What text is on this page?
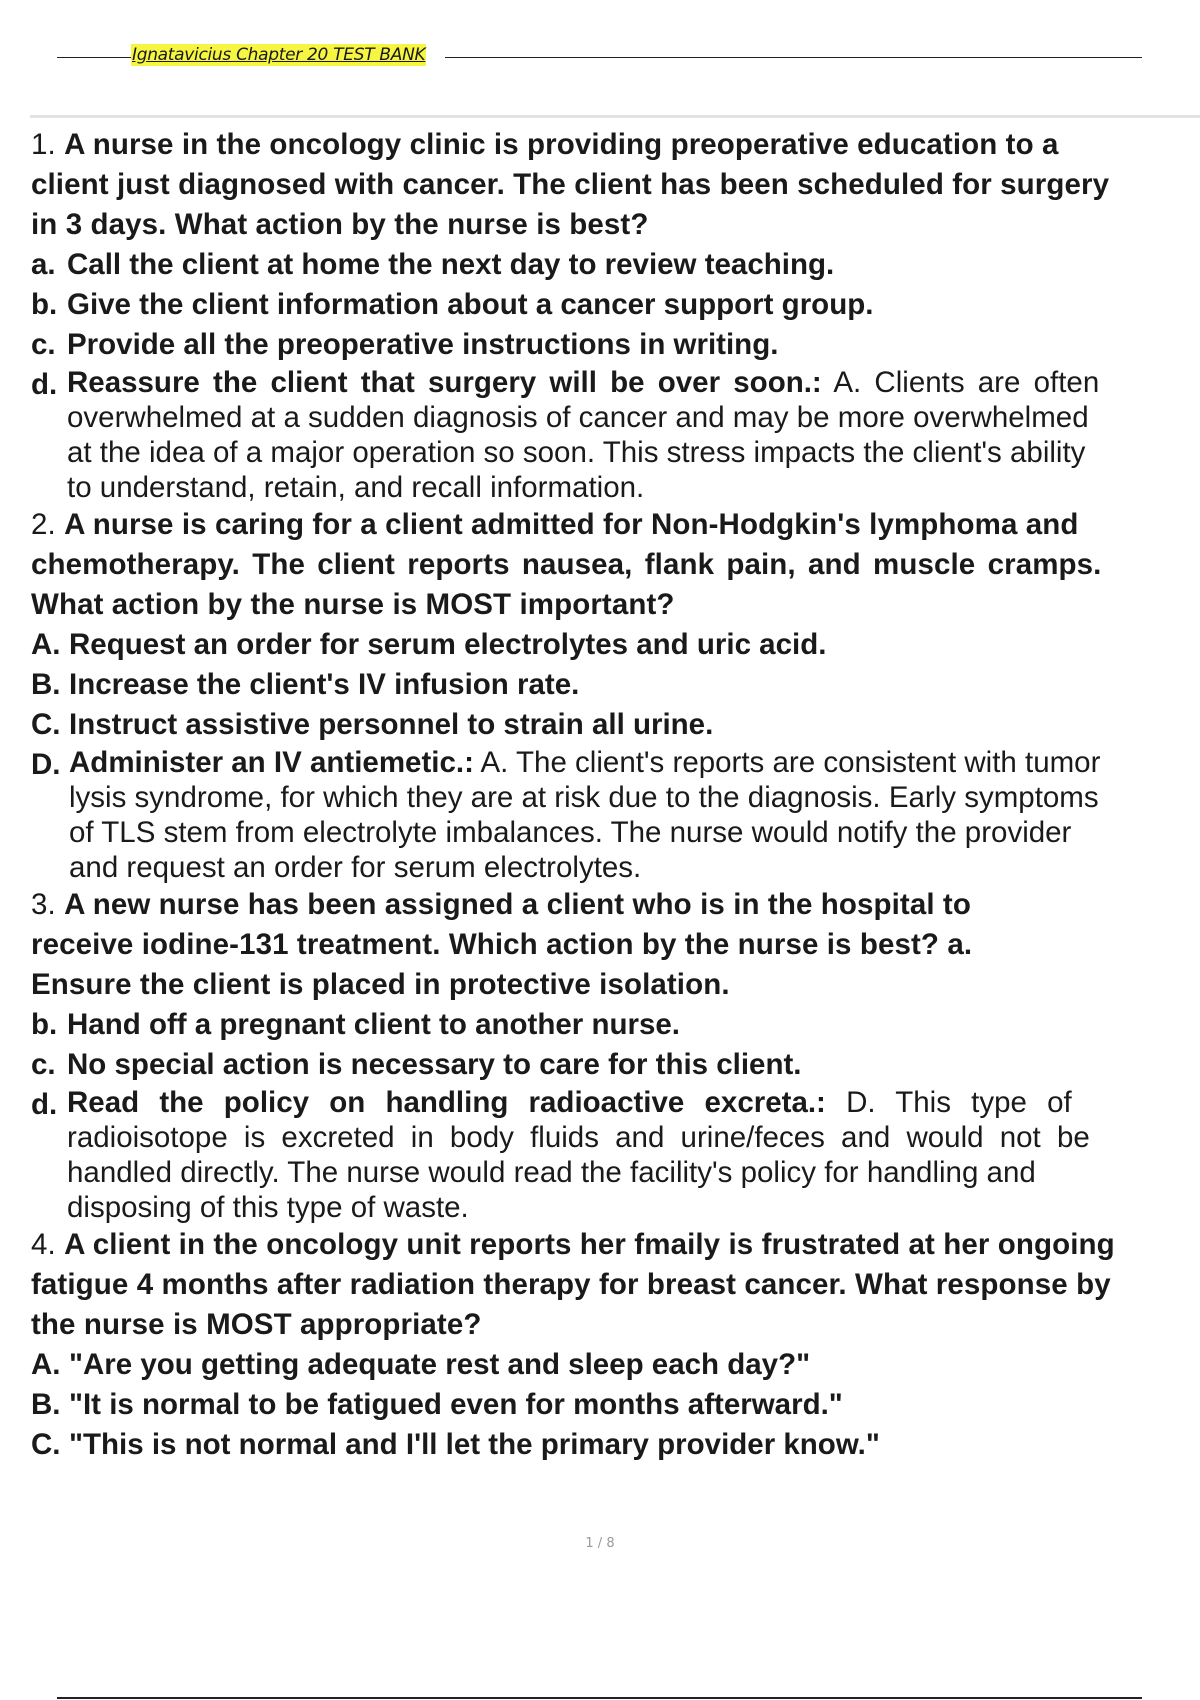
Ignatavicius Chapter 20 TEST BANK
1. A nurse in the oncology clinic is providing preoperative education to a
client just diagnosed with cancer. The client has been scheduled for surgery
in 3 days. What action by the nurse is best?
a. Call the client at home the next day to review teaching.
b. Give the client information about a cancer support group.
c. Provide all the preoperative instructions in writing.
d. Reassure the client that surgery will be over soon.: A. Clients are often
overwhelmed at a sudden diagnosis of cancer and may be more overwhelmed
at the idea of a major operation so soon. This stress impacts the client's ability
to understand, retain, and recall information.
2. A nurse is caring for a client admitted for Non-Hodgkin's lymphoma and
chemotherapy. The client reports nausea, flank pain, and muscle cramps.
What action by the nurse is MOST important?
A. Request an order for serum electrolytes and uric acid.
B. Increase the client's IV infusion rate.
C. Instruct assistive personnel to strain all urine.
D. Administer an IV antiemetic.: A. The client's reports are consistent with tumor
lysis syndrome, for which they are at risk due to the diagnosis. Early symptoms
of TLS stem from electrolyte imbalances. The nurse would notify the provider
and request an order for serum electrolytes.
3. A new nurse has been assigned a client who is in the hospital to
receive iodine-131 treatment. Which action by the nurse is best? a.
Ensure the client is placed in protective isolation.
b. Hand off a pregnant client to another nurse.
c. No special action is necessary to care for this client.
d. Read the policy on handling radioactive excreta.: D. This type of
radioisotope is excreted in body fluids and urine/feces and would not be
handled directly. The nurse would read the facility's policy for handling and
disposing of this type of waste.
4. A client in the oncology unit reports her fmaily is frustrated at her ongoing
fatigue 4 months after radiation therapy for breast cancer. What response by
the nurse is MOST appropriate?
A. "Are you getting adequate rest and sleep each day?"
B. "It is normal to be fatigued even for months afterward."
C. "This is not normal and I'll let the primary provider know."
1 / 8
